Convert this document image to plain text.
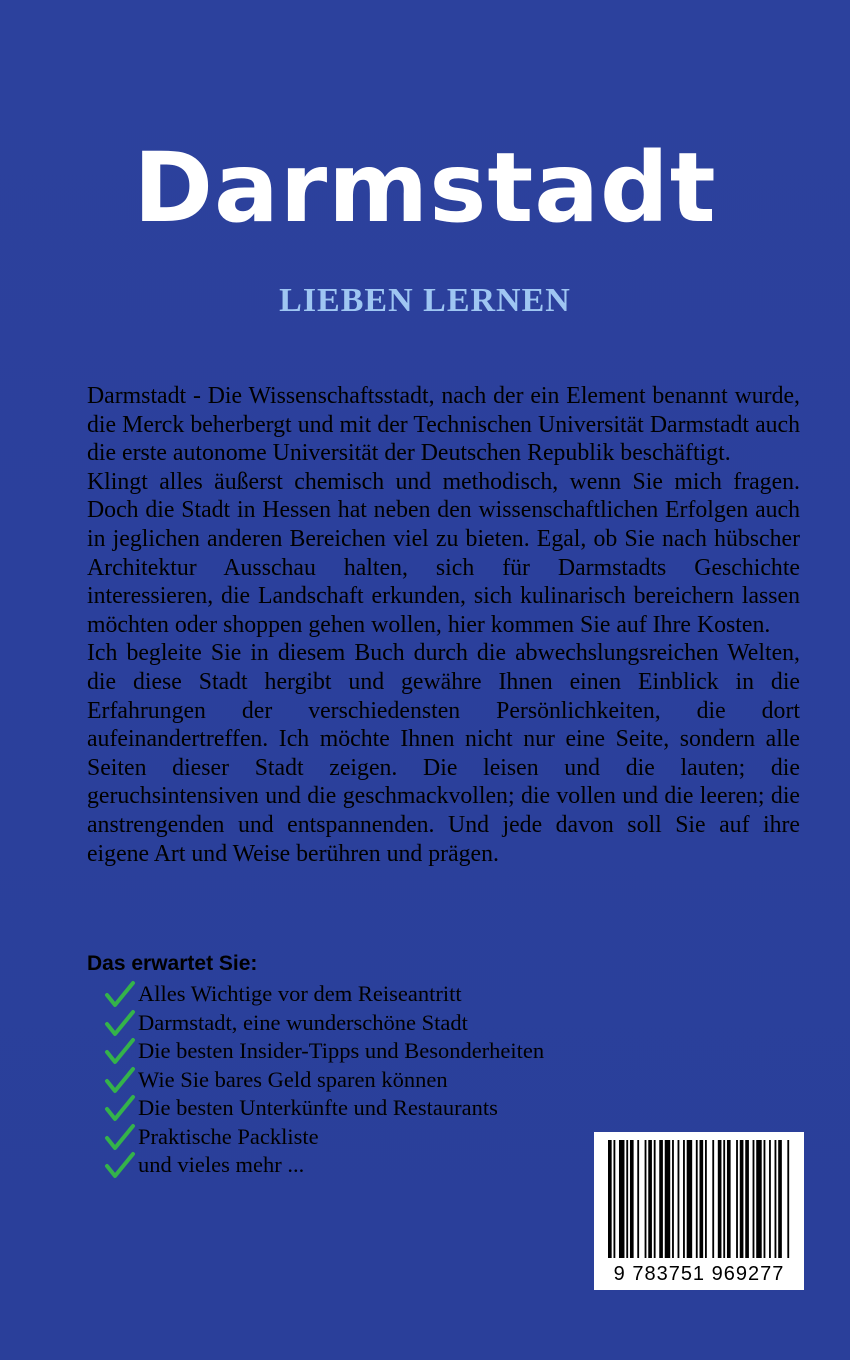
Darmstadt
LIEBEN LERNEN

Darmstadt - Die Wissenschaftsstadt, nach der ein Element benannt wurde, die Merck beherbergt und mit der Technischen Universität Darmstadt auch die erste autonome Universität der Deutschen Republik beschäftigt.

Klingt alles äußerst chemisch und methodisch, wenn Sie mich fragen. Doch die Stadt in Hessen hat neben den wissenschaftlichen Erfolgen auch in jeglichen anderen Bereichen viel zu bieten. Egal, ob Sie nach hübscher Architektur Ausschau halten, sich für Darmstadts Geschichte interessieren, die Landschaft erkunden, sich kulinarisch bereichern lassen möchten oder shoppen gehen wollen, hier kommen Sie auf Ihre Kosten.

Ich begleite Sie in diesem Buch durch die abwechslungsreichen Welten, die diese Stadt hergibt und gewähre Ihnen einen Einblick in die Erfahrungen der verschiedensten Persönlichkeiten, die dort aufeinandertreffen. Ich möchte Ihnen nicht nur eine Seite, sondern alle Seiten dieser Stadt zeigen. Die leisen und die lauten; die geruchsintensiven und die geschmackvollen; die vollen und die leeren; die anstrengenden und entspannenden. Und jede davon soll Sie auf ihre eigene Art und Weise berühren und prägen.

Das erwartet Sie:
Alles Wichtige vor dem Reiseantritt
Darmstadt, eine wunderschöne Stadt
Die besten Insider-Tipps und Besonderheiten
Wie Sie bares Geld sparen können
Die besten Unterkünfte und Restaurants
Praktische Packliste
und vieles mehr ...
9 783751 969277
